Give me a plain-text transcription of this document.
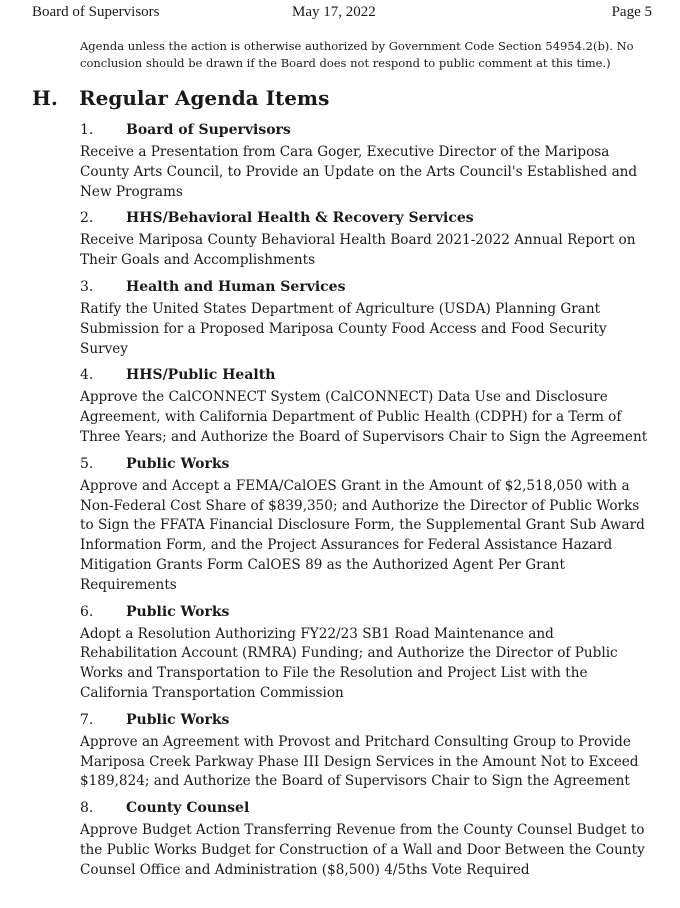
Board of Supervisors	May 17, 2022	Page 5
Agenda unless the action is otherwise authorized by Government Code Section 54954.2(b). No conclusion should be drawn if the Board does not respond to public comment at this time.)
H. Regular Agenda Items
1. Board of Supervisors
Receive a Presentation from Cara Goger, Executive Director of the Mariposa County Arts Council, to Provide an Update on the Arts Council's Established and New Programs
2. HHS/Behavioral Health & Recovery Services
Receive Mariposa County Behavioral Health Board 2021-2022 Annual Report on Their Goals and Accomplishments
3. Health and Human Services
Ratify the United States Department of Agriculture (USDA) Planning Grant Submission for a Proposed Mariposa County Food Access and Food Security Survey
4. HHS/Public Health
Approve the CalCONNECT System (CalCONNECT) Data Use and Disclosure Agreement, with California Department of Public Health (CDPH) for a Term of Three Years; and Authorize the Board of Supervisors Chair to Sign the Agreement
5. Public Works
Approve and Accept a FEMA/CalOES Grant in the Amount of $2,518,050 with a Non-Federal Cost Share of $839,350; and Authorize the Director of Public Works to Sign the FFATA Financial Disclosure Form, the Supplemental Grant Sub Award Information Form, and the Project Assurances for Federal Assistance Hazard Mitigation Grants Form CalOES 89 as the Authorized Agent Per Grant Requirements
6. Public Works
Adopt a Resolution Authorizing FY22/23 SB1 Road Maintenance and Rehabilitation Account (RMRA) Funding; and Authorize the Director of Public Works and Transportation to File the Resolution and Project List with the California Transportation Commission
7. Public Works
Approve an Agreement with Provost and Pritchard Consulting Group to Provide Mariposa Creek Parkway Phase III Design Services in the Amount Not to Exceed $189,824; and Authorize the Board of Supervisors Chair to Sign the Agreement
8. County Counsel
Approve Budget Action Transferring Revenue from the County Counsel Budget to the Public Works Budget for Construction of a Wall and Door Between the County Counsel Office and Administration ($8,500) 4/5ths Vote Required
